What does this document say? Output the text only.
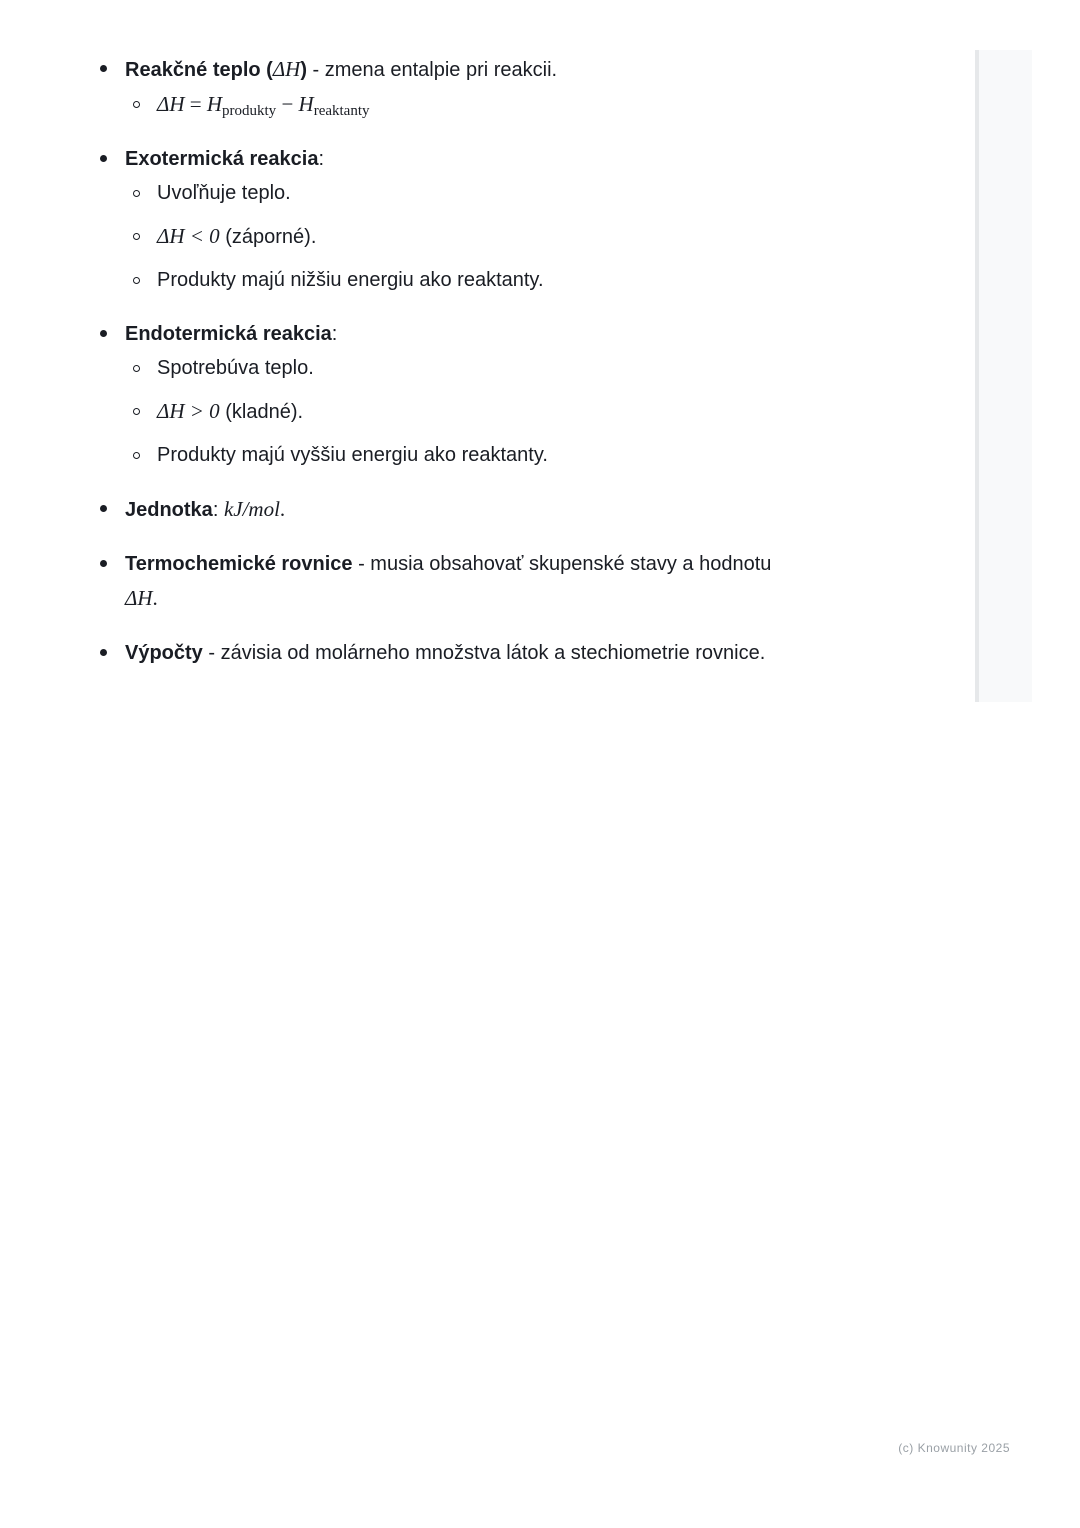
Reakčné teplo (ΔH) - zmena entalpie pri reakcii.
$\Delta H = H_{produkty} - H_{reaktanty}$
Exotermická reakcia:
Uvoľňuje teplo.
ΔH < 0 (záporné).
Produkty majú nižšiu energiu ako reaktanty.
Endotermická reakcia:
Spotrebúva teplo.
ΔH > 0 (kladné).
Produkty majú vyššiu energiu ako reaktanty.
Jednotka: kJ/mol.
Termochemické rovnice - musia obsahovať skupenské stavy a hodnotu
ΔH.
Výpočty - závisia od molárneho množstva látok a stechiometrie rovnice.
(c) Knowunity 2025
